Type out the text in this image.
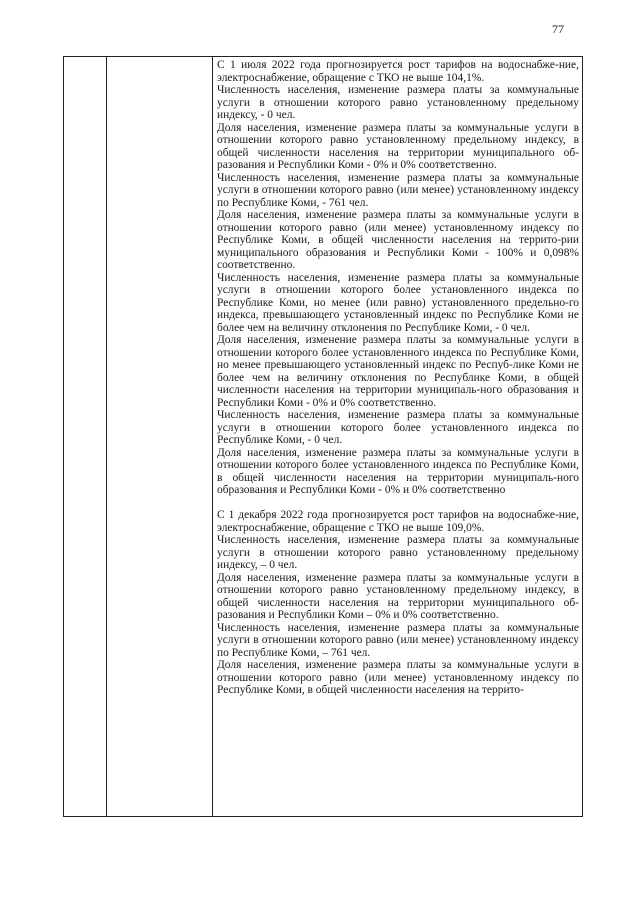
77

С 1 июля 2022 года прогнозируется рост тарифов на водоснабже-ние, электроснабжение, обращение с ТКО не выше 104,1%.

Численность населения, изменение размера платы за коммунальные услуги в отношении которого равно установленному предельному индексу, - 0 чел.

Доля населения, изменение размера платы за коммунальные услуги в отношении которого равно установленному предельному индексу, в общей численности населения на территории муниципального об-разования и Республики Коми - 0% и 0% соответственно.

Численность населения, изменение размера платы за коммунальные услуги в отношении которого равно (или менее) установленному индексу по Республике Коми, - 761 чел.

Доля населения, изменение размера платы за коммунальные услуги в отношении которого равно (или менее) установленному индексу по Республике Коми, в общей численности населения на террито-рии муниципального образования и Республики Коми - 100% и 0,098% соответственно.

Численность населения, изменение размера платы за коммунальные услуги в отношении которого более установленного индекса по Республике Коми, но менее (или равно) установленного предельно-го индекса, превышающего установленный индекс по Республике Коми не более чем на величину отклонения по Республике Коми, - 0 чел.

Доля населения, изменение размера платы за коммунальные услуги в отношении которого более установленного индекса по Республике Коми, но менее превышающего установленный индекс по Респуб-лике Коми не более чем на величину отклонения по Республике Коми, в общей численности населения на территории муниципаль-ного образования и Республики Коми - 0% и 0% соответственно.

Численность населения, изменение размера платы за коммунальные услуги в отношении которого более установленного индекса по Республике Коми, - 0 чел.

Доля населения, изменение размера платы за коммунальные услуги в отношении которого более установленного индекса по Республике Коми, в общей численности населения на территории муниципаль-ного образования и Республики Коми - 0% и 0% соответственно

С 1 декабря 2022 года прогнозируется рост тарифов на водоснабже-ние, электроснабжение, обращение с ТКО не выше 109,0%.

Численность населения, изменение размера платы за коммунальные услуги в отношении которого равно установленному предельному индексу, – 0 чел.

Доля населения, изменение размера платы за коммунальные услуги в отношении которого равно установленному предельному индексу, в общей численности населения на территории муниципального об-разования и Республики Коми – 0% и 0% соответственно.

Численность населения, изменение размера платы за коммунальные услуги в отношении которого равно (или менее) установленному индексу по Республике Коми, – 761 чел.

Доля населения, изменение размера платы за коммунальные услуги в отношении которого равно (или менее) установленному индексу по Республике Коми, в общей численности населения на террито-
